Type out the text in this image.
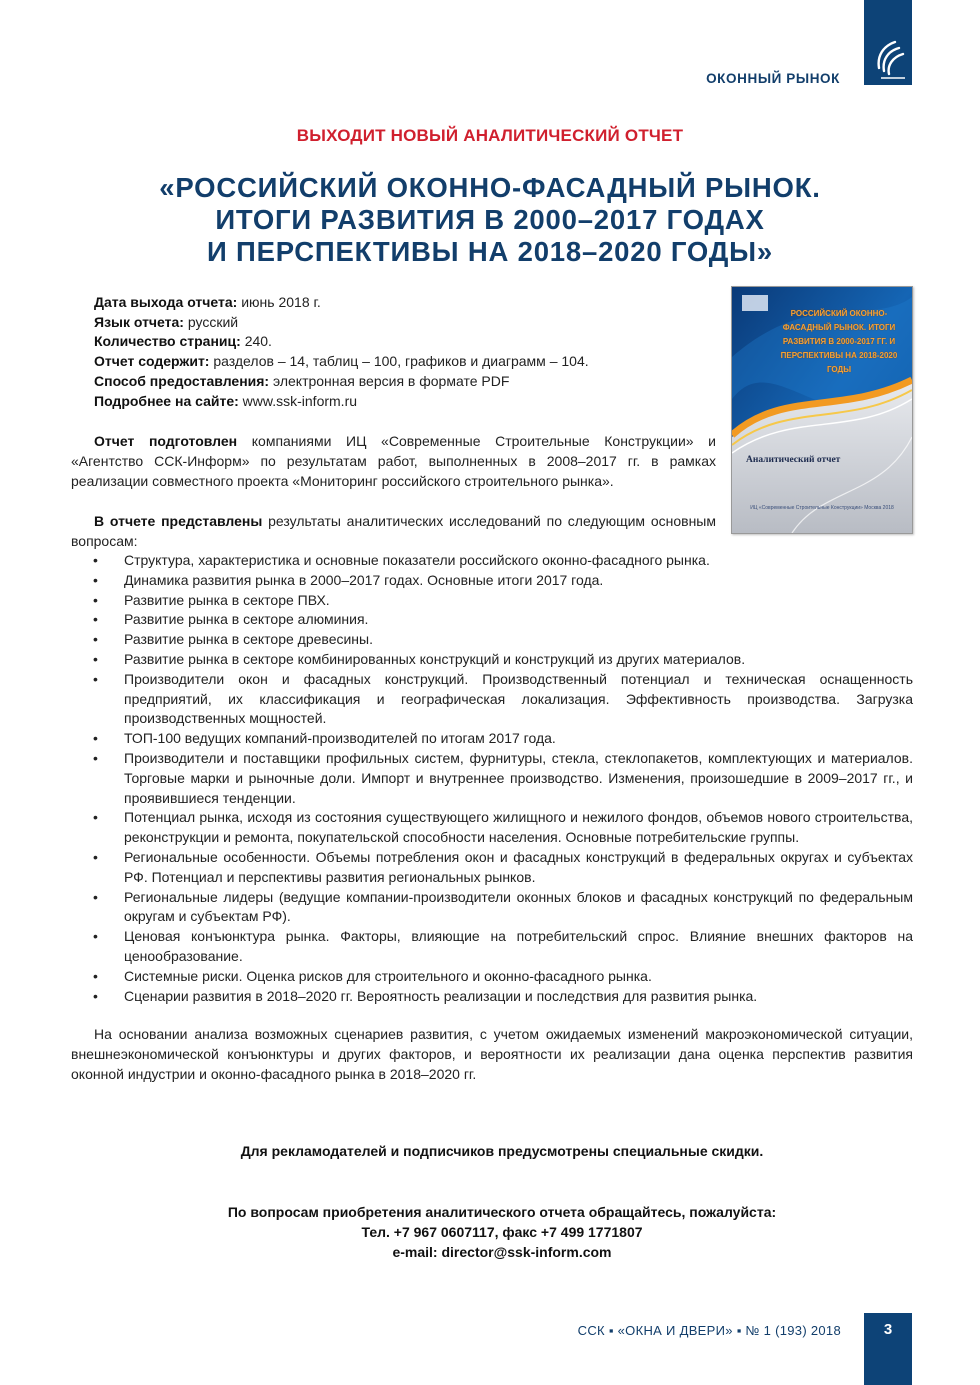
ОКОННЫЙ РЫНОК
ВЫХОДИТ НОВЫЙ АНАЛИТИЧЕСКИЙ ОТЧЕТ
«РОССИЙСКИЙ ОКОННО-ФАСАДНЫЙ РЫНОК.
ИТОГИ РАЗВИТИЯ В 2000–2017 ГОДАХ
И ПЕРСПЕКТИВЫ НА 2018–2020 ГОДЫ»
Дата выхода отчета: июнь 2018 г.
Язык отчета: русский
Количество страниц: 240.
Отчет содержит: разделов – 14, таблиц – 100, графиков и диаграмм – 104.
Способ предоставления: электронная версия в формате PDF
Подробнее на сайте: www.ssk-inform.ru
РОССИЙСКИЙ ОКОННО-ФАСАДНЫЙ РЫНОК. ИТОГИ РАЗВИТИЯ В 2000-2017 ГГ. И ПЕРСПЕКТИВЫ НА 2018-2020 ГОДЫ
Аналитический отчет
ИЦ «Современные Строительные Конструкции» Москва 2018
Отчет подготовлен компаниями ИЦ «Современные Строительные Конструкции» и «Агентство ССК-Информ» по результатам работ, выполненных в 2008–2017 гг. в рамках реализации совместного проекта «Мониторинг российского строительного рынка».
В отчете представлены результаты аналитических исследований по следующим основным вопросам:
• Структура, характеристика и основные показатели российского оконно-фасадного рынка.
• Динамика развития рынка в 2000–2017 годах. Основные итоги 2017 года.
• Развитие рынка в секторе ПВХ.
• Развитие рынка в секторе алюминия.
• Развитие рынка в секторе древесины.
• Развитие рынка в секторе комбинированных конструкций и конструкций из других материалов.
• Производители окон и фасадных конструкций. Производственный потенциал и техническая оснащенность предприятий, их классификация и географическая локализация. Эффективность производства. Загрузка производственных мощностей.
• ТОП-100 ведущих компаний-производителей по итогам 2017 года.
• Производители и поставщики профильных систем, фурнитуры, стекла, стеклопакетов, комплектующих и материалов. Торговые марки и рыночные доли. Импорт и внутреннее производство. Изменения, произошедшие в 2009–2017 гг., и проявившиеся тенденции.
• Потенциал рынка, исходя из состояния существующего жилищного и нежилого фондов, объемов нового строительства, реконструкции и ремонта, покупательской способности населения. Основные потребительские группы.
• Региональные особенности. Объемы потребления окон и фасадных конструкций в федеральных округах и субъектах РФ. Потенциал и перспективы развития региональных рынков.
• Региональные лидеры (ведущие компании-производители оконных блоков и фасадных конструкций по федеральным округам и субъектам РФ).
• Ценовая конъюнктура рынка. Факторы, влияющие на потребительский спрос. Влияние внешних факторов на ценообразование.
• Системные риски. Оценка рисков для строительного и оконно-фасадного рынка.
• Сценарии развития в 2018–2020 гг. Вероятность реализации и последствия для развития рынка.
На основании анализа возможных сценариев развития, с учетом ожидаемых изменений макроэкономической ситуации, внешнеэкономической конъюнктуры и других факторов, и вероятности их реализации дана оценка перспектив развития оконной индустрии и оконно-фасадного рынка в 2018–2020 гг.
Для рекламодателей и подписчиков предусмотрены специальные скидки.
По вопросам приобретения аналитического отчета обращайтесь, пожалуйста:
Тел. +7 967 0607117, факс +7 499 1771807
e-mail: director@ssk-inform.com
ССК ▪ «ОКНА И ДВЕРИ» ▪ № 1 (193) 2018	3
